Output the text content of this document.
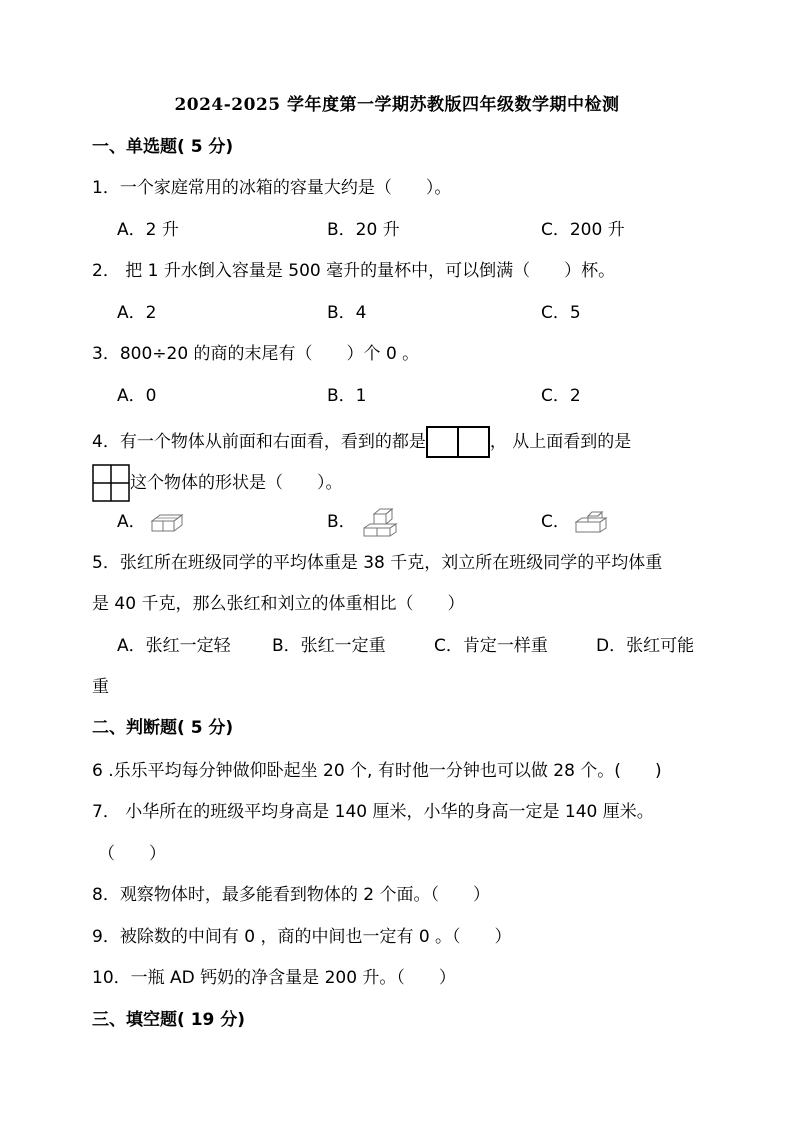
2024-2025 学年度第一学期苏教版四年级数学期中检测
一、单选题( 5 分)
1．一个家庭常用的冰箱的容量大约是（　　）。
A．2 升	B．20 升	C．200 升
2． 把 1 升水倒入容量是 500 毫升的量杯中，可以倒满（　　）杯。
A．2	B．4	C．5
3．800÷20 的商的末尾有（　　）个 0 。
A．0	B．1	C．2
4．有一个物体从前面和右面看，看到的都是	， 从上面看到的是
这个物体的形状是（　　）。
A．	B．	C．
5．张红所在班级同学的平均体重是 38 千克，刘立所在班级同学的平均体重
是 40 千克，那么张红和刘立的体重相比（　　）
A．张红一定轻 B．张红一定重	C．肯定一样重	D．张红可能
重
二、判断题( 5 分)
6 .乐乐平均每分钟做仰卧起坐 20 个, 有时他一分钟也可以做 28 个。(　　)
7． 小华所在的班级平均身高是 140 厘米，小华的身高一定是 140 厘米。
（　　）
8．观察物体时，最多能看到物体的 2 个面。（　　）
9．被除数的中间有 0 ，商的中间也一定有 0 。（　　）
10．一瓶 AD 钙奶的净含量是 200 升。（　　）
三、填空题( 19 分)
